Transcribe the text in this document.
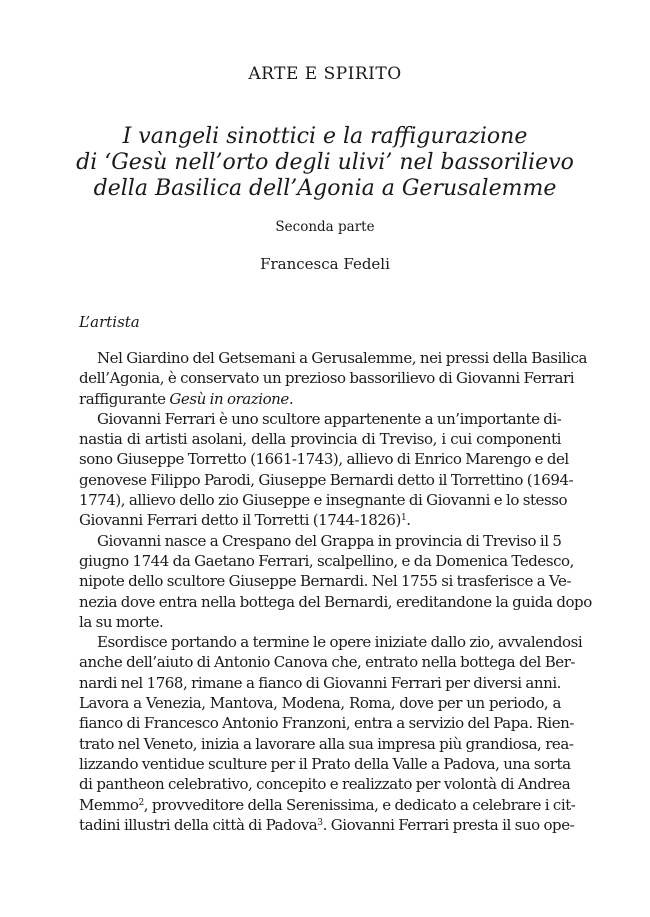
ARTE E SPIRITO
I vangeli sinottici e la raffigurazione
di ‘Gesù nell’orto degli ulivi’ nel bassorilievo
della Basilica dell’Agonia a Gerusalemme
Seconda parte
Francesca Fedeli
L’artista
Nel Giardino del Getsemani a Gerusalemme, nei pressi della Basilica
dell’Agonia, è conservato un prezioso bassorilievo di Giovanni Ferrari
raffigurante Gesù in orazione.
Giovanni Ferrari è uno scultore appartenente a un’importante di-
nastia di artisti asolani, della provincia di Treviso, i cui componenti
sono Giuseppe Torretto (1661-1743), allievo di Enrico Marengo e del
genovese Filippo Parodi, Giuseppe Bernardi detto il Torrettino (1694-
1774), allievo dello zio Giuseppe e insegnante di Giovanni e lo stesso
Giovanni Ferrari detto il Torretti (1744-1826)$^1$.
Giovanni nasce a Crespano del Grappa in provincia di Treviso il 5
giugno 1744 da Gaetano Ferrari, scalpellino, e da Domenica Tedesco,
nipote dello scultore Giuseppe Bernardi. Nel 1755 si trasferisce a Ve-
nezia dove entra nella bottega del Bernardi, ereditandone la guida dopo
la su morte.
Esordisce portando a termine le opere iniziate dallo zio, avvalendosi
anche dell’aiuto di Antonio Canova che, entrato nella bottega del Ber-
nardi nel 1768, rimane a fianco di Giovanni Ferrari per diversi anni.
Lavora a Venezia, Mantova, Modena, Roma, dove per un periodo, a
fianco di Francesco Antonio Franzoni, entra a servizio del Papa. Rien-
trato nel Veneto, inizia a lavorare alla sua impresa più grandiosa, rea-
lizzando ventidue sculture per il Prato della Valle a Padova, una sorta
di pantheon celebrativo, concepito e realizzato per volontà di Andrea
Memmo$^2$, provveditore della Serenissima, e dedicato a celebrare i cit-
tadini illustri della città di Padova$^3$. Giovanni Ferrari presta il suo ope-
